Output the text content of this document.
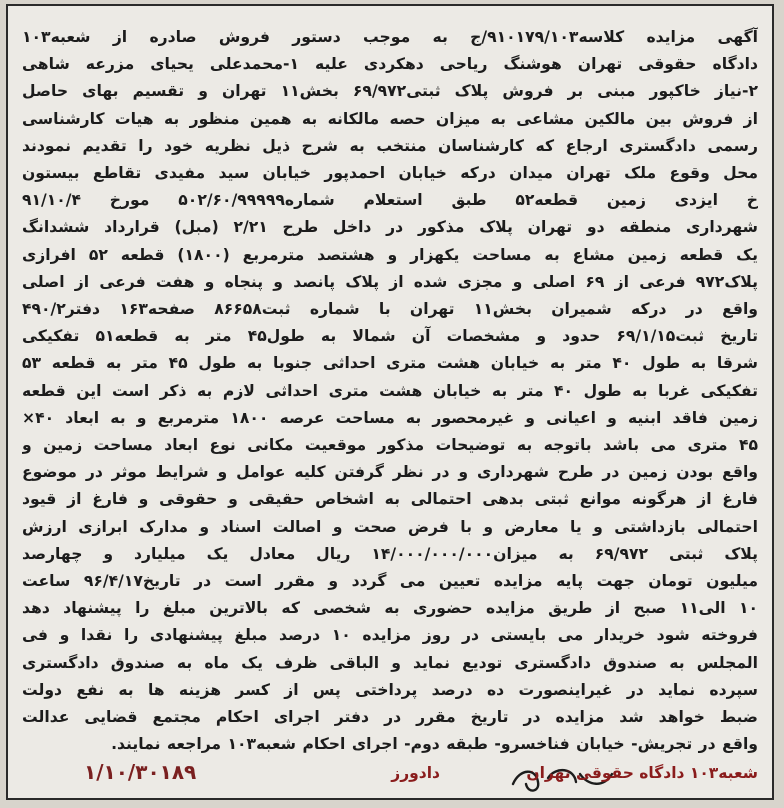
آگهی مزایده کلاسه۹۱۰۱۷۹/۱۰۳/ج به موجب دستور فروش صادره از شعبه۱۰۳
دادگاه حقوقی تهران هوشنگ ریاحی دهکردی علیه ۱-محمدعلی یحیای مزرعه شاهی
۲-نیاز خاکپور مبنی بر فروش پلاک ثبتی۶۹/۹۷۲ بخش۱۱ تهران و تقسیم بهای حاصل
از فروش بین مالکین مشاعی به میزان حصه مالکانه به همین منظور به هیات کارشناسی
رسمی دادگستری ارجاع که کارشناسان منتخب به شرح ذیل نظریه خود را تقدیم نمودند
محل وقوع ملک تهران میدان درکه خیابان احمدپور خیابان سید مفیدی تقاطع بیستون
خ ایزدی زمین قطعه۵۲ طبق استعلام شماره۵۰۲/۶۰/۹۹۹۹۹ مورخ ۹۱/۱۰/۴
شهرداری منطقه دو تهران پلاک مذکور در داخل طرح ۲/۲۱ (مبل) قرارداد ششدانگ
یک قطعه زمین مشاع به مساحت یکهزار و هشتصد مترمربع (۱۸۰۰) قطعه ۵۲ افرازی
پلاک۹۷۲ فرعی از ۶۹ اصلی و مجزی شده از پلاک پانصد و پنجاه و هفت فرعی از اصلی
واقع در درکه شمیران بخش۱۱ تهران با شماره ثبت۸۶۶۵۸ صفحه۱۶۳ دفتر۴۹۰/۲
تاریخ ثبت۶۹/۱/۱۵ حدود و مشخصات آن شمالا به طول۴۵ متر به قطعه۵۱ تفکیکی
شرقا به طول ۴۰ متر به خیابان هشت متری احداثی جنوبا به طول ۴۵ متر به قطعه ۵۳
تفکیکی غربا به طول ۴۰ متر به خیابان هشت متری احداثی لازم به ذکر است این قطعه
زمین فاقد ابنیه و اعیانی و غیرمحصور به مساحت عرصه ۱۸۰۰ مترمربع و به ابعاد ۴۰×
۴۵ متری می باشد باتوجه به توضیحات مذکور موقعیت مکانی نوع ابعاد مساحت زمین و
واقع بودن زمین در طرح شهرداری و در نظر گرفتن کلیه عوامل و شرایط موثر در موضوع
فارغ از هرگونه موانع ثبتی بدهی احتمالی به اشخاص حقیقی و حقوقی و فارغ از قیود
احتمالی بازداشتی و یا معارض و با فرض صحت و اصالت اسناد و مدارک ابرازی ارزش
پلاک ثبتی ۶۹/۹۷۲ به میزان۱۴/۰۰۰/۰۰۰/۰۰۰ ریال معادل یک میلیارد و چهارصد
میلیون تومان جهت پایه مزایده تعیین می گردد و مقرر است در تاریخ۹۶/۴/۱۷ ساعت
۱۰ الی۱۱ صبح از طریق مزایده حضوری به شخصی که بالاترین مبلغ را پیشنهاد دهد
فروخته شود خریدار می بایستی در روز مزایده ۱۰ درصد مبلغ پیشنهادی را نقدا و فی
المجلس به صندوق دادگستری تودیع نماید و الباقی ظرف یک ماه به صندوق دادگستری
سپرده نماید در غیراینصورت ده درصد پرداختی پس از کسر هزینه ها به نفع دولت
ضبط خواهد شد مزایده در تاریخ مقرر در دفتر اجرای احکام مجتمع قضایی عدالت
واقع در تجریش- خیابان فناخسرو- طبقه دوم- اجرای احکام شعبه۱۰۳ مراجعه نمایند.
شعبه۱۰۳ دادگاه حقوقی تهران
دادورز
۱/۱۰/۳۰۱۸۹
